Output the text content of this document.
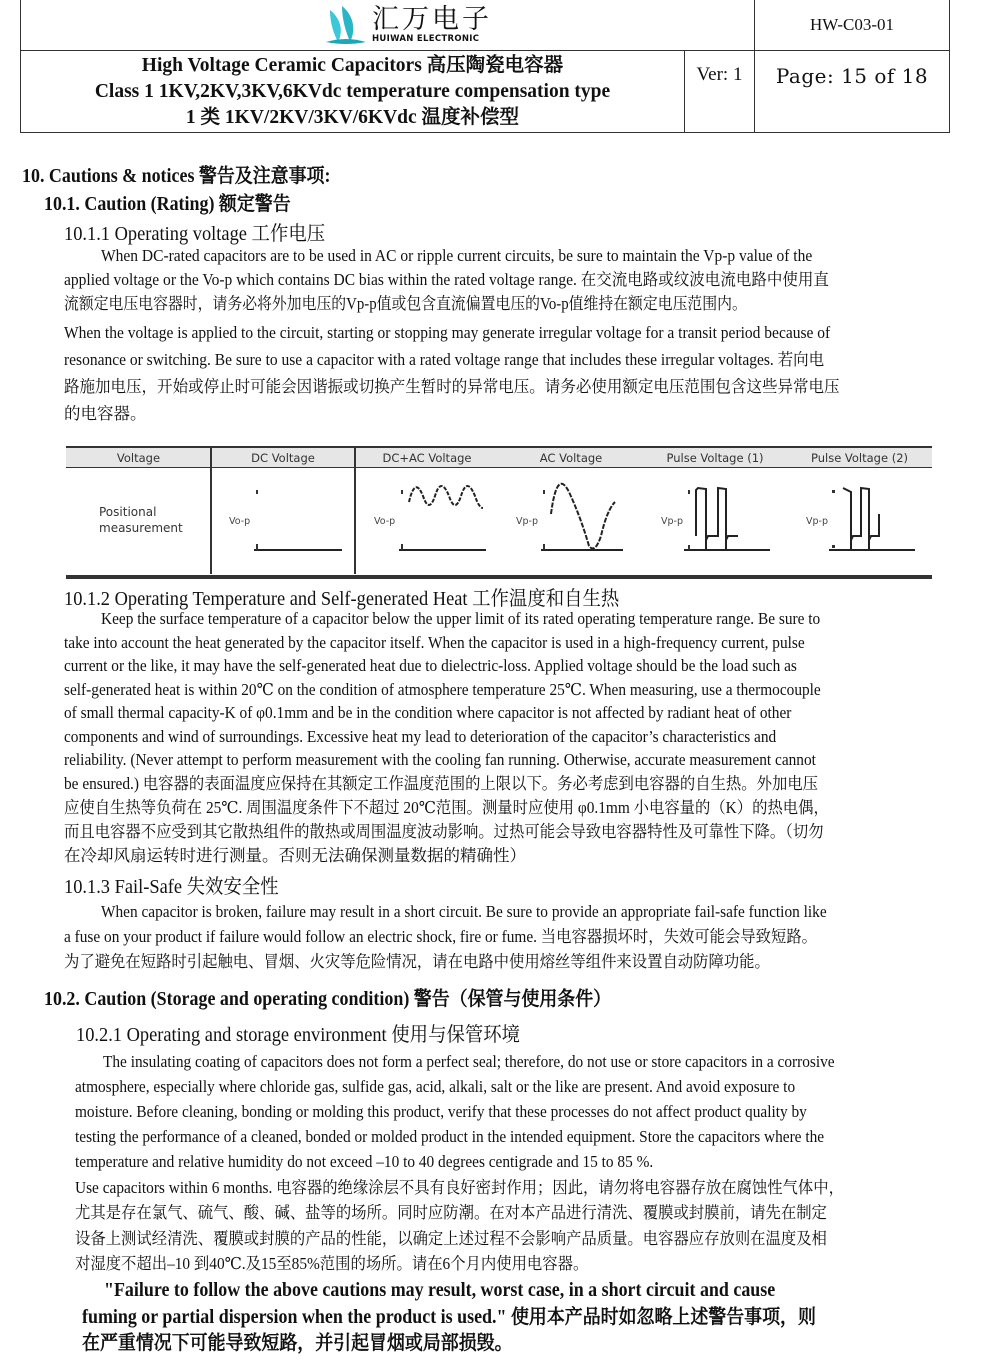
汇万电子
HUIWAN ELECTRONIC
HW-C03-01
High Voltage Ceramic Capacitors 高压陶瓷电容器
Class 1 1KV,2KV,3KV,6KVdc temperature compensation type
1 类 1KV/2KV/3KV/6KVdc 温度补偿型
Ver: 1	Page: 15 of 18
10. Cautions & notices 警告及注意事项:
10.1. Caution (Rating) 额定警告
10.1.1 Operating voltage 工作电压
When DC-rated capacitors are to be used in AC or ripple current circuits, be sure to maintain the Vp-p value of the
applied voltage or the Vo-p which contains DC bias within the rated voltage range. 在交流电路或纹波电流电路中使用直
流额定电压电容器时，请务必将外加电压的Vp-p值或包含直流偏置电压的Vo-p值维持在额定电压范围内。
When the voltage is applied to the circuit, starting or stopping may generate irregular voltage for a transit period because of
resonance or switching. Be sure to use a capacitor with a rated voltage range that includes these irregular voltages. 若向电
路施加电压，开始或停止时可能会因谐振或切换产生暂时的异常电压。请务必使用额定电压范围包含这些异常电压
的电容器。
Voltage	DC Voltage	DC+AC Voltage	AC Voltage	Pulse Voltage (1)	Pulse Voltage (2)
Positional
measurement	Vo-p	Vo-p	Vp-p	Vp-p	Vp-p
10.1.2 Operating Temperature and Self-generated Heat 工作温度和自生热
Keep the surface temperature of a capacitor below the upper limit of its rated operating temperature range. Be sure to
take into account the heat generated by the capacitor itself. When the capacitor is used in a high-frequency current, pulse
current or the like, it may have the self-generated heat due to dielectric-loss. Applied voltage should be the load such as
self-generated heat is within 20℃ on the condition of atmosphere temperature 25℃. When measuring, use a thermocouple
of small thermal capacity-K of φ0.1mm and be in the condition where capacitor is not affected by radiant heat of other
components and wind of surroundings. Excessive heat my lead to deterioration of the capacitor’s characteristics and
reliability. (Never attempt to perform measurement with the cooling fan running. Otherwise, accurate measurement cannot
be ensured.) 电容器的表面温度应保持在其额定工作温度范围的上限以下。务必考虑到电容器的自生热。外加电压
应使自生热等负荷在 25℃. 周围温度条件下不超过 20℃范围。测量时应使用 φ0.1mm 小电容量的（K）的热电偶，
而且电容器不应受到其它散热组件的散热或周围温度波动影响。过热可能会导致电容器特性及可靠性下降。（切勿
在冷却风扇运转时进行测量。否则无法确保测量数据的精确性）
10.1.3 Fail-Safe 失效安全性
When capacitor is broken, failure may result in a short circuit. Be sure to provide an appropriate fail-safe function like
a fuse on your product if failure would follow an electric shock, fire or fume. 当电容器损坏时，失效可能会导致短路。
为了避免在短路时引起触电、冒烟、火灾等危险情况，请在电路中使用熔丝等组件来设置自动防障功能。
10.2. Caution (Storage and operating condition) 警告（保管与使用条件）
10.2.1 Operating and storage environment 使用与保管环境
The insulating coating of capacitors does not form a perfect seal; therefore, do not use or store capacitors in a corrosive
atmosphere, especially where chloride gas, sulfide gas, acid, alkali, salt or the like are present. And avoid exposure to
moisture. Before cleaning, bonding or molding this product, verify that these processes do not affect product quality by
testing the performance of a cleaned, bonded or molded product in the intended equipment. Store the capacitors where the
temperature and relative humidity do not exceed –10 to 40 degrees centigrade and 15 to 85 %.
Use capacitors within 6 months. 电容器的绝缘涂层不具有良好密封作用；因此，请勿将电容器存放在腐蚀性气体中，
尤其是存在氯气、硫气、酸、碱、盐等的场所。同时应防潮。在对本产品进行清洗、覆膜或封膜前，请先在制定
设备上测试经清洗、覆膜或封膜的产品的性能，以确定上述过程不会影响产品质量。电容器应存放则在温度及相
对湿度不超出–10 到40℃.及15至85%范围的场所。请在6个月内使用电容器。
"Failure to follow the above cautions may result, worst case, in a short circuit and cause
fuming or partial dispersion when the product is used." 使用本产品时如忽略上述警告事项，则
在严重情况下可能导致短路，并引起冒烟或局部损毁。
